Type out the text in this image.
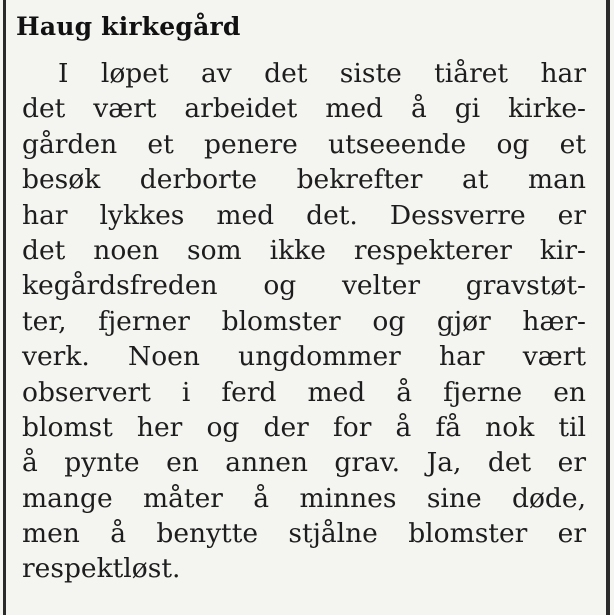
Haug kirkegård
I løpet av det siste tiåret har
det vært arbeidet med å gi kirke-
gården et penere utseeende og et
besøk derborte bekrefter at man
har lykkes med det. Dessverre er
det noen som ikke respekterer kir-
kegårdsfreden og velter gravstøt-
ter, fjerner blomster og gjør hær-
verk. Noen ungdommer har vært
observert i ferd med å fjerne en
blomst her og der for å få nok til
å pynte en annen grav. Ja, det er
mange måter å minnes sine døde,
men å benytte stjålne blomster er
respektløst.
